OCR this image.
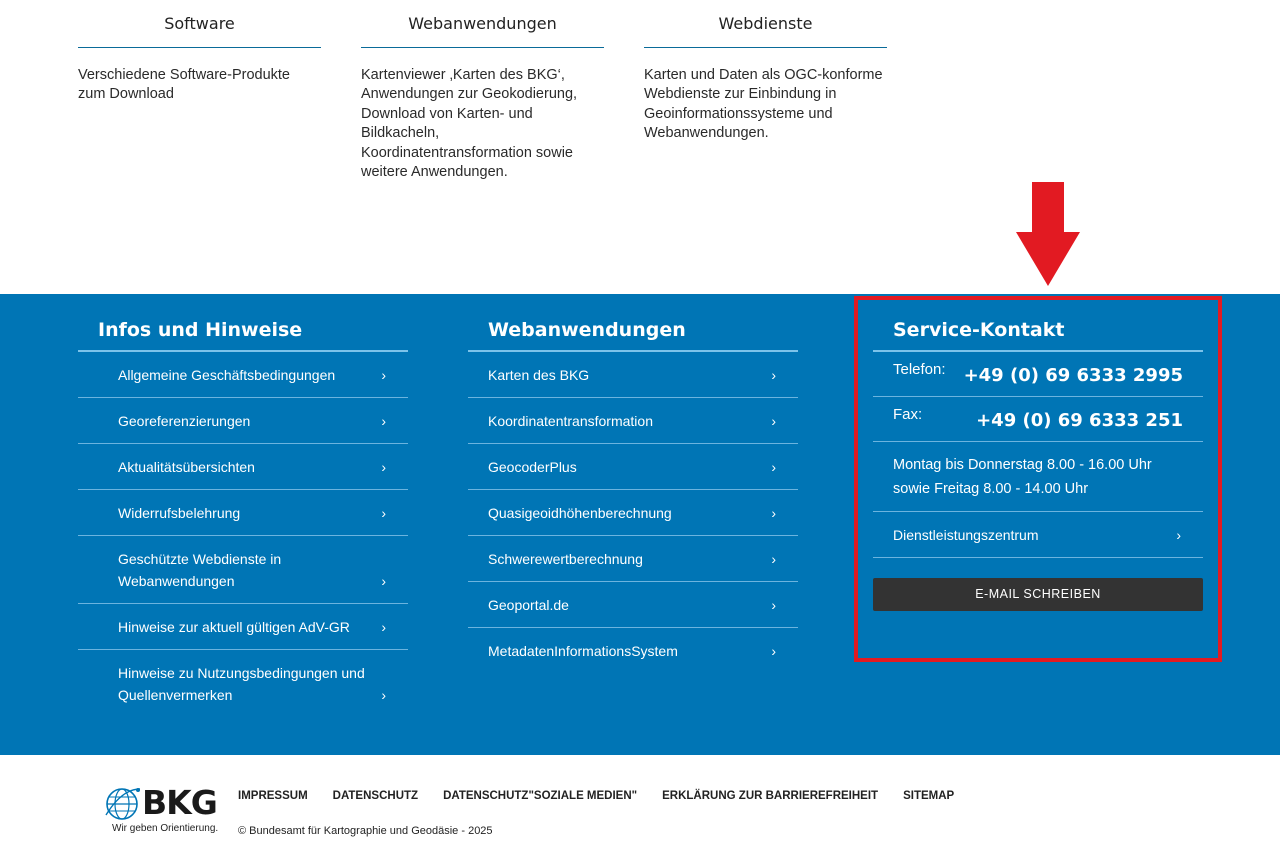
Software

Verschiedene Software-Produkte zum Download

Webanwendungen

Kartenviewer ‚Karten des BKG‘, Anwendungen zur Geokodierung, Download von Karten- und Bildkacheln, Koordinatentransformation sowie weitere Anwendungen.

Webdienste

Karten und Daten als OGC-konforme Webdienste zur Einbindung in Geoinformationssysteme und Webanwendungen.

Infos und Hinweise
Allgemeine Geschäftsbedingungen	›
Georeferenzierungen	›
Aktualitätsübersichten	›
Widerrufsbelehrung	›
Geschützte Webdienste in Webanwendungen	›
Hinweise zur aktuell gültigen AdV-GR ›
Hinweise zu Nutzungsbedingungen und Quellenvermerken	›
Webanwendungen
Karten des BKG	›
Koordinatentransformation	›
GeocoderPlus	›
Quasigeoidhöhenberechnung	›
Schwerewertberechnung	›
Geoportal.de	›
MetadatenInformationsSystem	›
Service-Kontakt
Telefon: +49 (0) 69 6333 2995
Fax:	+49 (0) 69 6333 251
Montag bis Donnerstag 8.00 - 16.00 Uhr
sowie Freitag 8.00 - 14.00 Uhr
Dienstleistungszentrum	›
E-MAIL SCHREIBEN
BKG
Wir geben Orientierung.
IMPRESSUM DATENSCHUTZ DATENSCHUTZ"SOZIALE MEDIEN" ERKLÄRUNG ZUR BARRIEREFREIHEIT SITEMAP
© Bundesamt für Kartographie und Geodäsie - 2025
